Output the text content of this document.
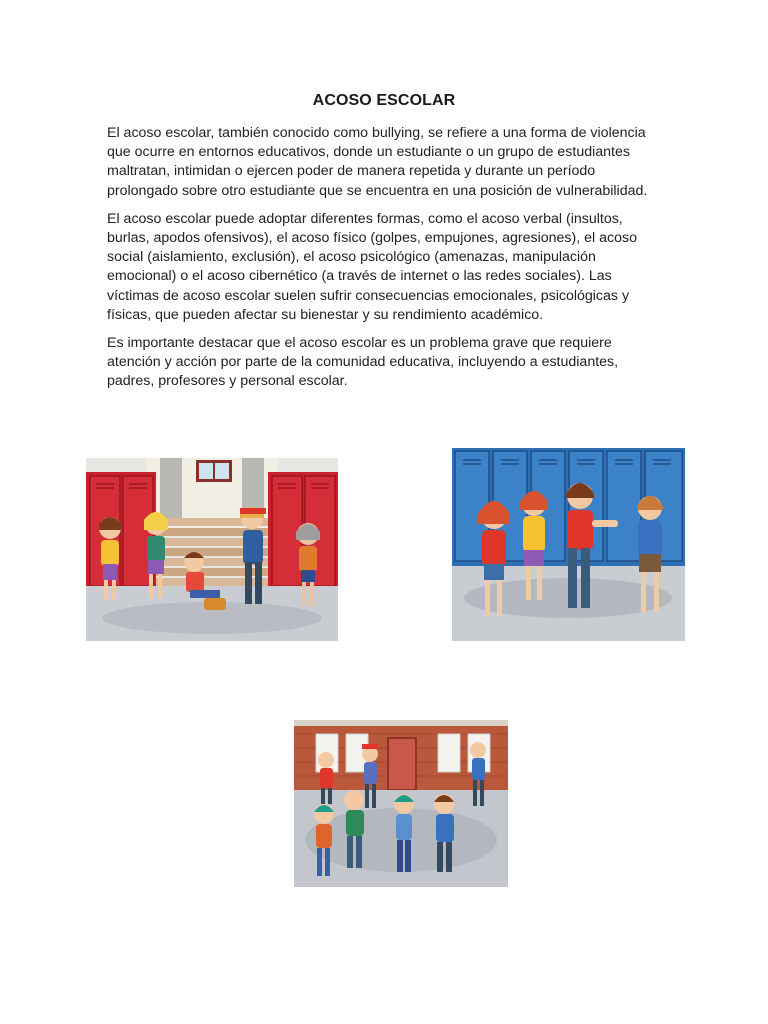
ACOSO ESCOLAR

El acoso escolar, también conocido como bullying, se refiere a una forma de violencia que ocurre en entornos educativos, donde un estudiante o un grupo de estudiantes maltratan, intimidan o ejercen poder de manera repetida y durante un período prolongado sobre otro estudiante que se encuentra en una posición de vulnerabilidad.

El acoso escolar puede adoptar diferentes formas, como el acoso verbal (insultos, burlas, apodos ofensivos), el acoso físico (golpes, empujones, agresiones), el acoso social (aislamiento, exclusión), el acoso psicológico (amenazas, manipulación emocional) o el acoso cibernético (a través de internet o las redes sociales). Las víctimas de acoso escolar suelen sufrir consecuencias emocionales, psicológicas y físicas, que pueden afectar su bienestar y su rendimiento académico.

Es importante destacar que el acoso escolar es un problema grave que requiere atención y acción por parte de la comunidad educativa, incluyendo a estudiantes, padres, profesores y personal escolar.
